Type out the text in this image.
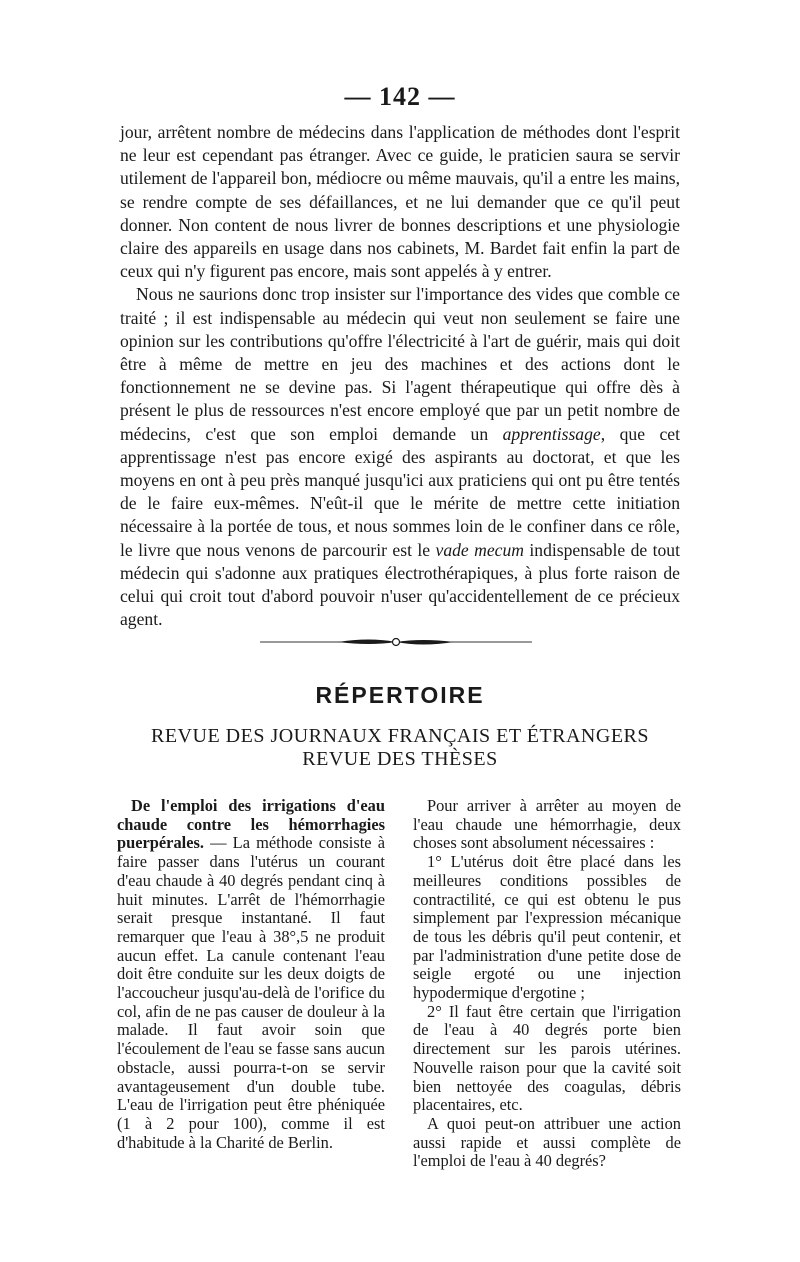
— 142 —

jour, arrêtent nombre de médecins dans l'application de méthodes dont l'esprit ne leur est cependant pas étranger. Avec ce guide, le praticien saura se servir utilement de l'appareil bon, médiocre ou même mauvais, qu'il a entre les mains, se rendre compte de ses défaillances, et ne lui demander que ce qu'il peut donner. Non content de nous livrer de bonnes descriptions et une physiologie claire des appareils en usage dans nos cabinets, M. Bardet fait enfin la part de ceux qui n'y figurent pas encore, mais sont appelés à y entrer.

Nous ne saurions donc trop insister sur l'importance des vides que comble ce traité ; il est indispensable au médecin qui veut non seulement se faire une opinion sur les contributions qu'offre l'électricité à l'art de guérir, mais qui doit être à même de mettre en jeu des machines et des actions dont le fonctionnement ne se devine pas. Si l'agent thérapeutique qui offre dès à présent le plus de ressources n'est encore employé que par un petit nombre de médecins, c'est que son emploi demande un apprentissage, que cet apprentissage n'est pas encore exigé des aspirants au doctorat, et que les moyens en ont à peu près manqué jusqu'ici aux praticiens qui ont pu être tentés de le faire eux-mêmes. N'eût-il que le mérite de mettre cette initiation nécessaire à la portée de tous, et nous sommes loin de le confiner dans ce rôle, le livre que nous venons de parcourir est le vade mecum indispensable de tout médecin qui s'adonne aux pratiques électrothérapiques, à plus forte raison de celui qui croit tout d'abord pouvoir n'user qu'accidentellement de ce précieux agent.

RÉPERTOIRE
REVUE DES JOURNAUX FRANÇAIS ET ÉTRANGERS
REVUE DES THÈSES

De l'emploi des irrigations d'eau chaude contre les hémorrhagies puerpérales. — La méthode consiste à faire passer dans l'utérus un courant d'eau chaude à 40 degrés pendant cinq à huit minutes. L'arrêt de l'hémorrhagie serait presque instantané. Il faut remarquer que l'eau à 38°,5 ne produit aucun effet. La canule contenant l'eau doit être conduite sur les deux doigts de l'accoucheur jusqu'au-delà de l'orifice du col, afin de ne pas causer de douleur à la malade. Il faut avoir soin que l'écoulement de l'eau se fasse sans aucun obstacle, aussi pourra-t-on se servir avantageusement d'un double tube. L'eau de l'irrigation peut être phéniquée (1 à 2 pour 100), comme il est d'habitude à la Charité de Berlin.

Pour arriver à arrêter au moyen de l'eau chaude une hémorrhagie, deux choses sont absolument nécessaires :

1° L'utérus doit être placé dans les meilleures conditions possibles de contractilité, ce qui est obtenu le pus simplement par l'expression mécanique de tous les débris qu'il peut contenir, et par l'administration d'une petite dose de seigle ergoté ou une injection hypodermique d'ergotine ;

2° Il faut être certain que l'irrigation de l'eau à 40 degrés porte bien directement sur les parois utérines. Nouvelle raison pour que la cavité soit bien nettoyée des coagulas, débris placentaires, etc.

A quoi peut-on attribuer une action aussi rapide et aussi complète de l'emploi de l'eau à 40 degrés?
